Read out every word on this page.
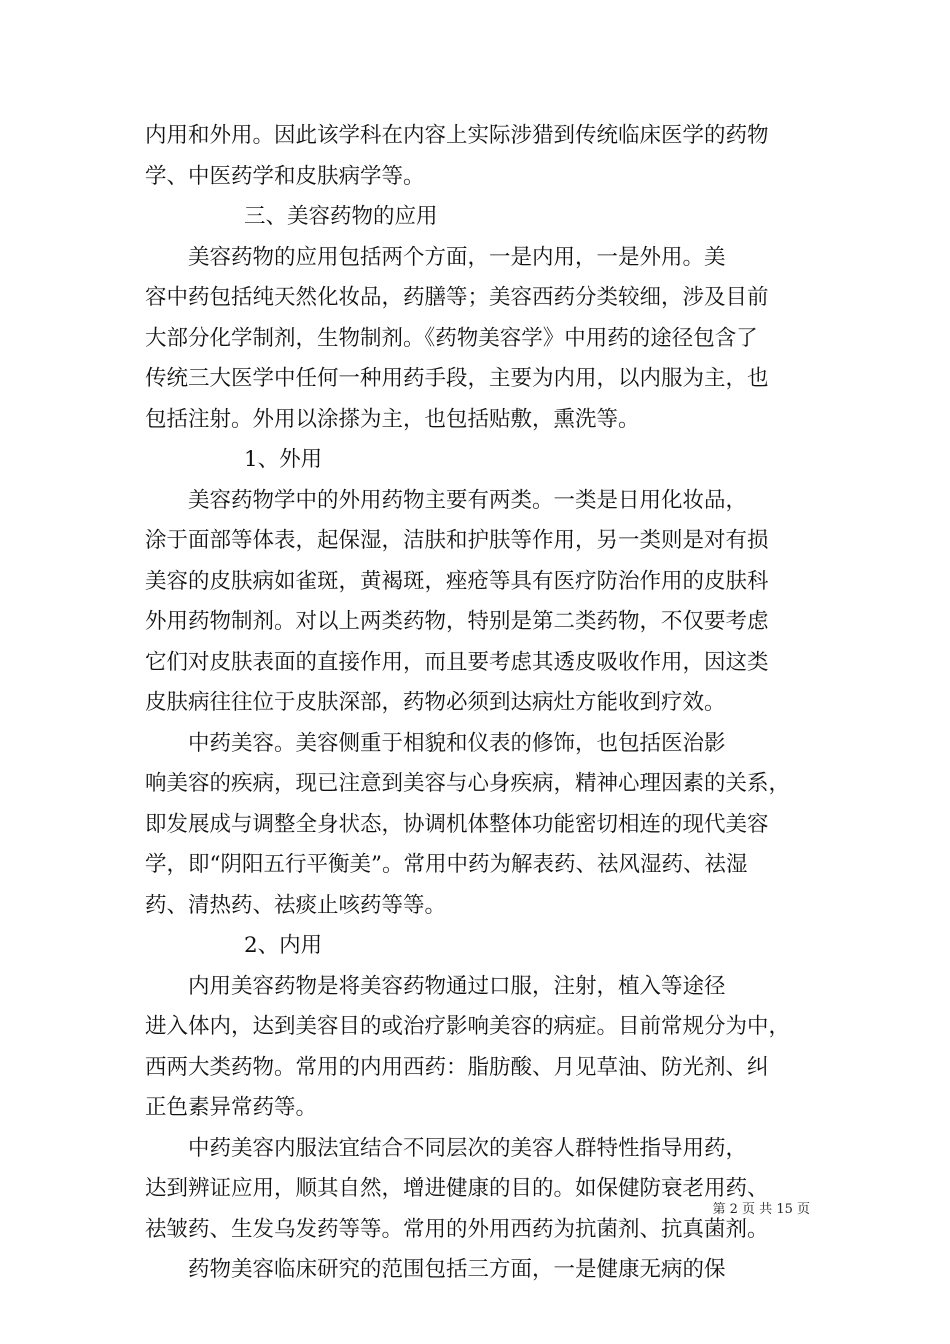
内用和外用。因此该学科在内容上实际涉猎到传统临床医学的药物
学、中医药学和皮肤病学等。

三、美容药物的应用

美容药物的应用包括两个方面，一是内用，一是外用。美
容中药包括纯天然化妆品，药膳等；美容西药分类较细，涉及目前
大部分化学制剂，生物制剂。《药物美容学》中用药的途径包含了
传统三大医学中任何一种用药手段，主要为内用，以内服为主，也
包括注射。外用以涂搽为主，也包括贴敷，熏洗等。

1、外用

美容药物学中的外用药物主要有两类。一类是日用化妆品，
涂于面部等体表，起保湿，洁肤和护肤等作用，另一类则是对有损
美容的皮肤病如雀斑，黄褐斑，痤疮等具有医疗防治作用的皮肤科
外用药物制剂。对以上两类药物，特别是第二类药物，不仅要考虑
它们对皮肤表面的直接作用，而且要考虑其透皮吸收作用，因这类
皮肤病往往位于皮肤深部，药物必须到达病灶方能收到疗效。

中药美容。美容侧重于相貌和仪表的修饰，也包括医治影
响美容的疾病，现已注意到美容与心身疾病，精神心理因素的关系，
即发展成与调整全身状态，协调机体整体功能密切相连的现代美容
学，即“阴阳五行平衡美”。常用中药为解表药、祛风湿药、祛湿
药、清热药、祛痰止咳药等等。

2、内用

内用美容药物是将美容药物通过口服，注射，植入等途径
进入体内，达到美容目的或治疗影响美容的病症。目前常规分为中，
西两大类药物。常用的内用西药：脂肪酸、月见草油、防光剂、纠
正色素异常药等。

中药美容内服法宜结合不同层次的美容人群特性指导用药，
达到辨证应用，顺其自然，增进健康的目的。如保健防衰老用药、
祛皱药、生发乌发药等等。常用的外用西药为抗菌剂、抗真菌剂。

药物美容临床研究的范围包括三方面，一是健康无病的保

第 2 页 共 15 页
